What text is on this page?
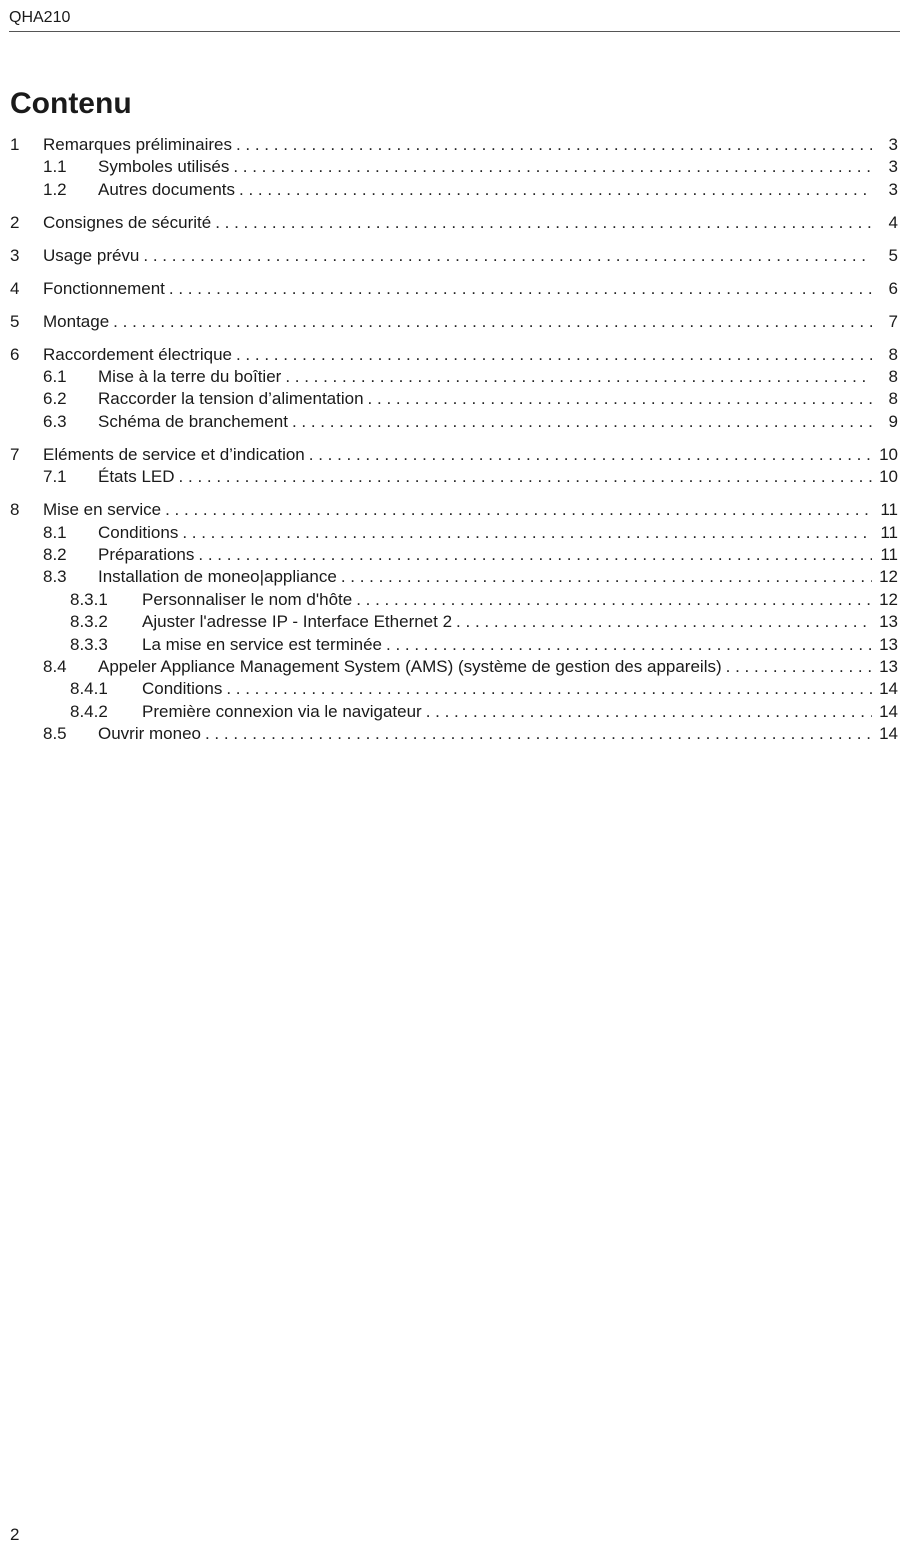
QHA210
Contenu
1 Remarques préliminaires . . .	3
1.1 Symboles utilisés . . .	3
1.2 Autres documents . . .	3
2 Consignes de sécurité . . .	4
3 Usage prévu . . .	5
4 Fonctionnement . . .	6
5 Montage . . .	7
6 Raccordement électrique . . .	8
6.1 Mise à la terre du boîtier . . .	8
6.2 Raccorder la tension d’alimentation . . .	8
6.3 Schéma de branchement . . .	9
7 Eléments de service et d’indication . . .	10
7.1 États LED . . .	10
8 Mise en service . . .	11
8.1 Conditions . . .	11
8.2 Préparations . . .	11
8.3 Installation de moneo|appliance . . .	12
8.3.1 Personnaliser le nom d'hôte . . .	12
8.3.2 Ajuster l'adresse IP - Interface Ethernet 2 . . .	13
8.3.3 La mise en service est terminée . . .	13
8.4 Appeler Appliance Management System (AMS) (système de gestion des appareils) . . .	13
8.4.1 Conditions . . .	14
8.4.2 Première connexion via le navigateur . . .	14
8.5 Ouvrir moneo . . .	14
2
